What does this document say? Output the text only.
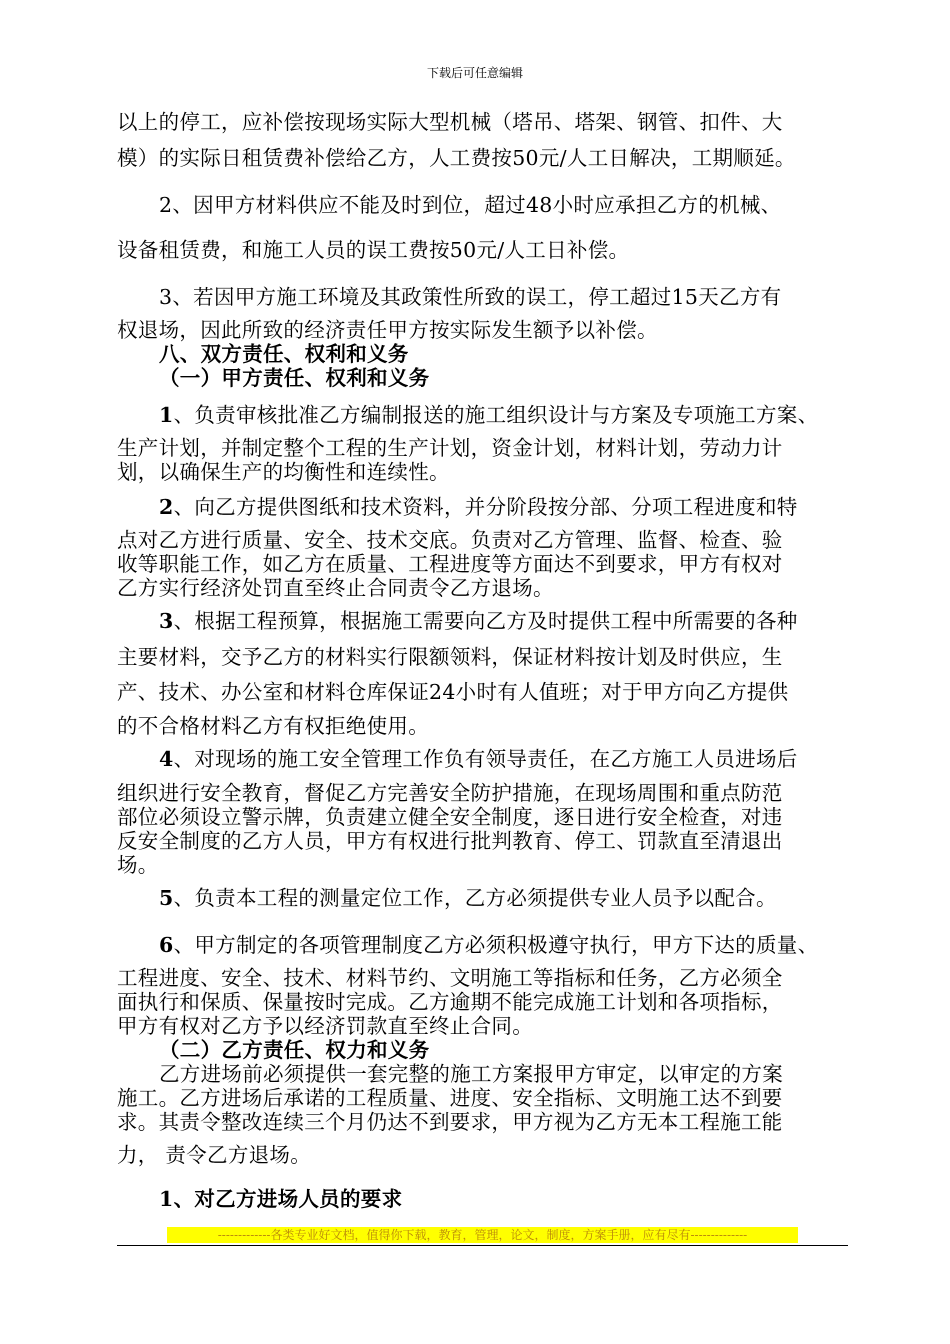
下载后可任意编辑
以上的停工，应补偿按现场实际大型机械（塔吊、塔架、钢管、扣件、大
模）的实际日租赁费补偿给乙方，人工费按50元/人工日解决，工期顺延。
2、因甲方材料供应不能及时到位，超过48小时应承担乙方的机械、
设备租赁费，和施工人员的误工费按50元/人工日补偿。
3、若因甲方施工环境及其政策性所致的误工，停工超过15天乙方有
权退场，因此所致的经济责任甲方按实际发生额予以补偿。
八、双方责任、权利和义务
（一）甲方责任、权利和义务
1、负责审核批准乙方编制报送的施工组织设计与方案及专项施工方案、
生产计划，并制定整个工程的生产计划，资金计划，材料计划，劳动力计
划，以确保生产的均衡性和连续性。
2、向乙方提供图纸和技术资料，并分阶段按分部、分项工程进度和特
点对乙方进行质量、安全、技术交底。负责对乙方管理、监督、检查、验
收等职能工作，如乙方在质量、工程进度等方面达不到要求，甲方有权对
乙方实行经济处罚直至终止合同责令乙方退场。
3、根据工程预算，根据施工需要向乙方及时提供工程中所需要的各种
主要材料，交予乙方的材料实行限额领料，保证材料按计划及时供应，生
产、技术、办公室和材料仓库保证24小时有人值班；对于甲方向乙方提供
的不合格材料乙方有权拒绝使用。
4、对现场的施工安全管理工作负有领导责任，在乙方施工人员进场后
组织进行安全教育，督促乙方完善安全防护措施，在现场周围和重点防范
部位必须设立警示牌，负责建立健全安全制度，逐日进行安全检查，对违
反安全制度的乙方人员，甲方有权进行批判教育、停工、罚款直至清退出
场。
5、负责本工程的测量定位工作，乙方必须提供专业人员予以配合。
6、甲方制定的各项管理制度乙方必须积极遵守执行，甲方下达的质量、
工程进度、安全、技术、材料节约、文明施工等指标和任务，乙方必须全
面执行和保质、保量按时完成。乙方逾期不能完成施工计划和各项指标，
甲方有权对乙方予以经济罚款直至终止合同。
（二）乙方责任、权力和义务
乙方进场前必须提供一套完整的施工方案报甲方审定，以审定的方案
施工。乙方进场后承诺的工程质量、进度、安全指标、文明施工达不到要
求。其责令整改连续三个月仍达不到要求，甲方视为乙方无本工程施工能
力， 责令乙方退场。
1、对乙方进场人员的要求
-------------各类专业好文档，值得你下载，教育，管理，论文，制度，方案手册，应有尽有--------------
